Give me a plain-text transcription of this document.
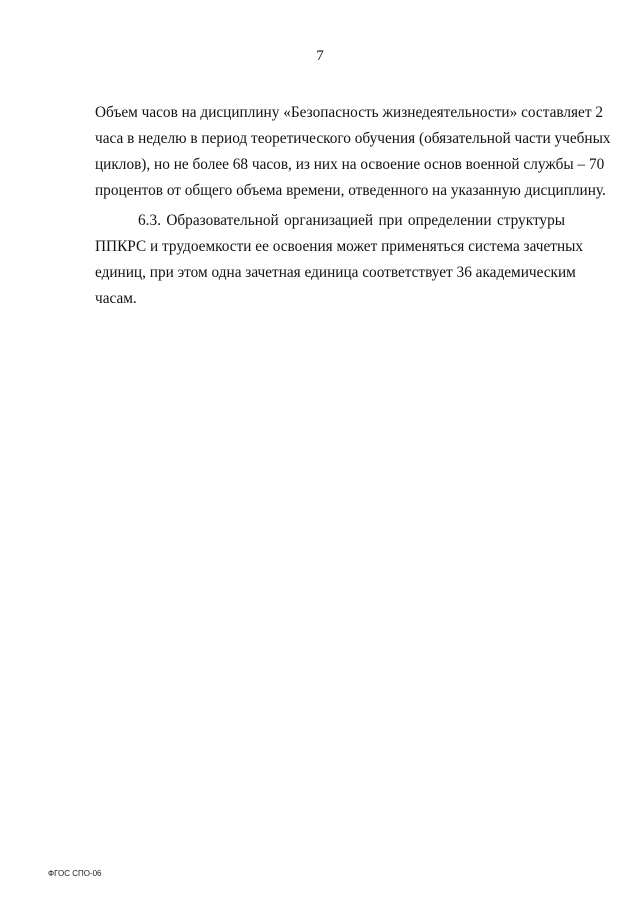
7
Объем часов на дисциплину «Безопасность жизнедеятельности» составляет 2
часа в неделю в период теоретического обучения (обязательной части учебных
циклов), но не более 68 часов, из них на освоение основ военной службы – 70
процентов от общего объема времени, отведенного на указанную дисциплину.
6.3. Образовательной организацией при определении структуры
ППКРС и трудоемкости ее освоения может применяться система зачетных
единиц, при этом одна зачетная единица соответствует 36 академическим
часам.
ФГОС СПО-06
